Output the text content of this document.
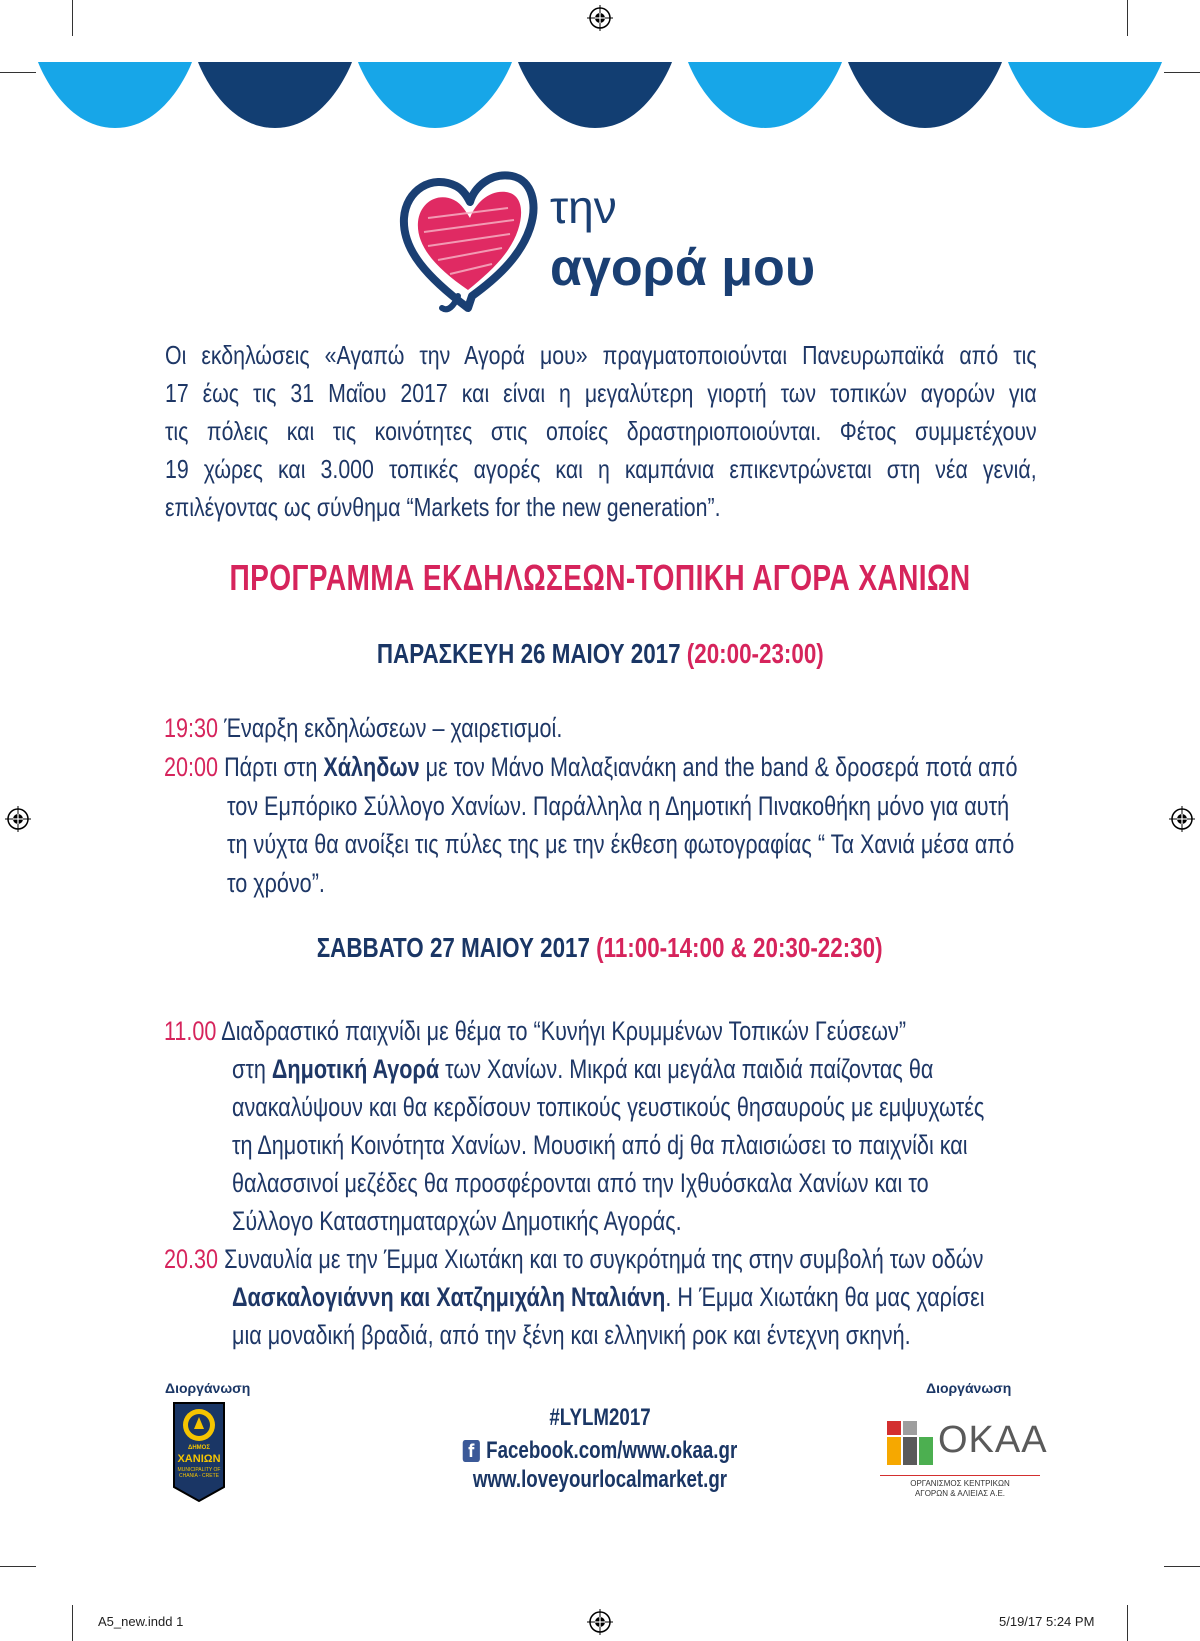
την
αγορά μου
Οι εκδηλώσεις «Αγαπώ την Αγορά μου» πραγματοποιούνται Πανευρωπαϊκά από τις
17 έως τις 31 Μαΐου 2017 και είναι η μεγαλύτερη γιορτή των τοπικών αγορών για
τις πόλεις και τις κοινότητες στις οποίες δραστηριοποιούνται. Φέτος συμμετέχουν
19 χώρες και 3.000 τοπικές αγορές και η καμπάνια επικεντρώνεται στη νέα γενιά,
επιλέγοντας ως σύνθημα “Markets for the new generation”.
ΠΡΟΓΡΑΜΜΑ ΕΚΔΗΛΩΣΕΩΝ-ΤΟΠΙΚΗ ΑΓΟΡΑ ΧΑΝΙΩΝ
ΠΑΡΑΣΚΕΥΗ 26 ΜΑΙΟΥ 2017 (20:00-23:00)
19:30 Έναρξη εκδηλώσεων – χαιρετισμοί.
20:00 Πάρτι στη Χάληδων με τον Μάνο Μαλαξιανάκη and the band & δροσερά ποτά από
τον Εμπόρικο Σύλλογο Χανίων. Παράλληλα η Δημοτική Πινακοθήκη μόνο για αυτή
τη νύχτα θα ανοίξει τις πύλες της με την έκθεση φωτογραφίας “ Τα Χανιά μέσα από
το χρόνο”.
ΣΑΒΒΑΤΟ 27 ΜΑΙΟΥ 2017 (11:00-14:00 & 20:30-22:30)
11.00 Διαδραστικό παιχνίδι με θέμα το “Κυνήγι Κρυμμένων Τοπικών Γεύσεων”
στη Δημοτική Αγορά των Χανίων. Μικρά και μεγάλα παιδιά παίζοντας θα
ανακαλύψουν και θα κερδίσουν τοπικούς γευστικούς θησαυρούς με εμψυχωτές
τη Δημοτική Κοινότητα Χανίων. Μουσική από dj θα πλαισιώσει το παιχνίδι και
θαλασσινοί μεζέδες θα προσφέρονται από την Ιχθυόσκαλα Χανίων και το
Σύλλογο Καταστηματαρχών Δημοτικής Αγοράς.
20.30 Συναυλία με την Έμμα Χιωτάκη και το συγκρότημά της στην συμβολή των οδών
Δασκαλογιάννη και Χατζημιχάλη Νταλιάνη. Η Έμμα Χιωτάκη θα μας χαρίσει
μια μοναδική βραδιά, από την ξένη και ελληνική ροκ και έντεχνη σκηνή.
Διοργάνωση
ΔΗΜΟΣ
ΧΑΝΙΩΝ
MUNICIPALITY OF CHANIA - CRETE
#LYLM2017
f Facebook.com/www.okaa.gr
www.loveyourlocalmarket.gr
Διοργάνωση
OKAA
ΟΡΓΑΝΙΣΜΟΣ ΚΕΝΤΡΙΚΩΝ
ΑΓΟΡΩΝ & ΑΛΙΕΙΑΣ Α.Ε.
A5_new.indd 1	5/19/17 5:24 PM
